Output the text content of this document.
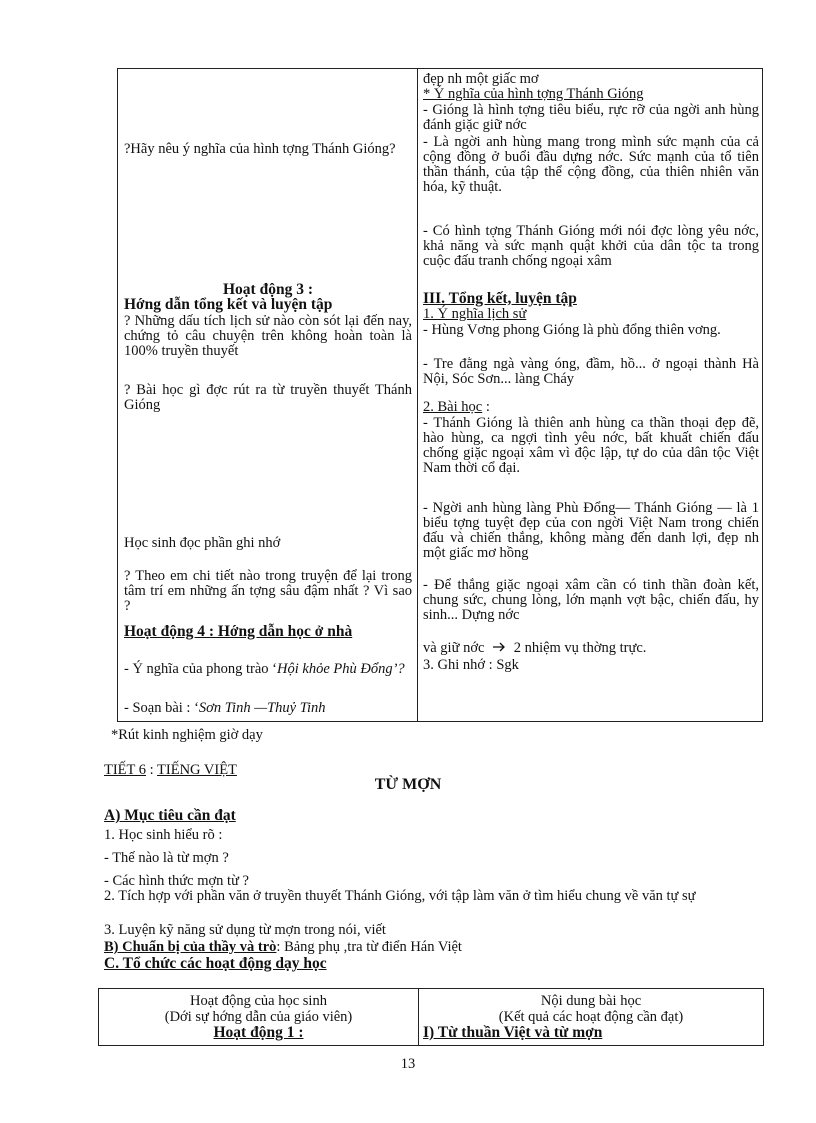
?Hãy nêu ý nghĩa của hình tợng Thánh Gióng?
Hoạt động 3 :
Hớng dẫn tổng kết và luyện tập
? Những dấu tích lịch sử nào còn sót lại đến nay, chứng tỏ câu chuyện trên không hoàn toàn là 100% truyền thuyết
? Bài học gì đợc rút ra từ truyền thuyết Thánh Gióng
Học sinh đọc phần ghi nhớ
? Theo em chi tiết nào trong truyện để lại trong tâm trí em những ấn tợng sâu đậm nhất ? Vì sao ?
Hoạt động 4 : Hớng dẫn học ở nhà
- Ý nghĩa của phong trào ‘Hội khỏe Phù Đổng’?
- Soạn bài : ‘Sơn Tinh —Thuỷ Tinh
đẹp nh một giấc mơ
* Ý nghĩa của hình tợng Thánh Gióng
- Gióng là hình tợng tiêu biểu, rực rỡ của ngời anh hùng đánh giặc giữ nớc
- Là ngời anh hùng mang trong mình sức mạnh của cả cộng đồng ở buổi đầu dựng nớc. Sức mạnh của tổ tiên thần thánh, của tập thể cộng đồng, của thiên nhiên văn hóa, kỹ thuật.
- Có hình tợng Thánh Gióng mới nói đợc lòng yêu nớc, khả năng và sức mạnh quật khởi của dân tộc ta trong cuộc đấu tranh chống ngoại xâm
III. Tổng kết, luyện tập
1. Ý nghĩa lịch sử
- Hùng Vơng phong Gióng là phù đổng thiên vơng.
- Tre đằng ngà vàng óng, đầm, hồ... ở ngoại thành Hà Nội, Sóc Sơn... làng Cháy
2. Bài học :
- Thánh Gióng là thiên anh hùng ca thần thoại đẹp đẽ, hào hùng, ca ngợi tình yêu nớc, bất khuất chiến đấu chống giặc ngoại xâm vì độc lập, tự do của dân tộc Việt Nam thời cổ đại.
- Ngời anh hùng làng Phù Đổng— Thánh Gióng — là 1 biểu tợng tuyệt đẹp của con ngời Việt Nam trong chiến đấu và chiến thắng, không màng đến danh lợi, đẹp nh một giấc mơ hồng
- Để thắng giặc ngoại xâm cần có tinh thần đoàn kết, chung sức, chung lòng, lớn mạnh vợt bậc, chiến đấu, hy sinh... Dựng nớc
và giữ nớc 2 nhiệm vụ thờng trực.
3. Ghi nhớ : Sgk
*Rút kinh nghiệm giờ dạy
TIẾT 6 : TIẾNG VIỆT
TỪ MỢN
A) Mục tiêu cần đạt
1. Học sinh hiểu rõ :
- Thế nào là từ mợn ?
- Các hình thức mợn từ ?
2. Tích hợp với phần văn ở truyền thuyết Thánh Gióng, với tập làm văn ở tìm hiểu chung về văn tự sự
3. Luyện kỹ năng sử dụng từ mợn trong nói, viết
B) Chuẩn bị của thầy và trò: Bảng phụ ,tra từ điển Hán Việt
C. Tổ chức các hoạt động dạy học
Hoạt động của học sinh
(Dới sự hớng dẫn của giáo viên)
Hoạt động 1 :
Nội dung bài học
(Kết quả các hoạt động cần đạt)
I) Từ thuần Việt và từ mợn
13
